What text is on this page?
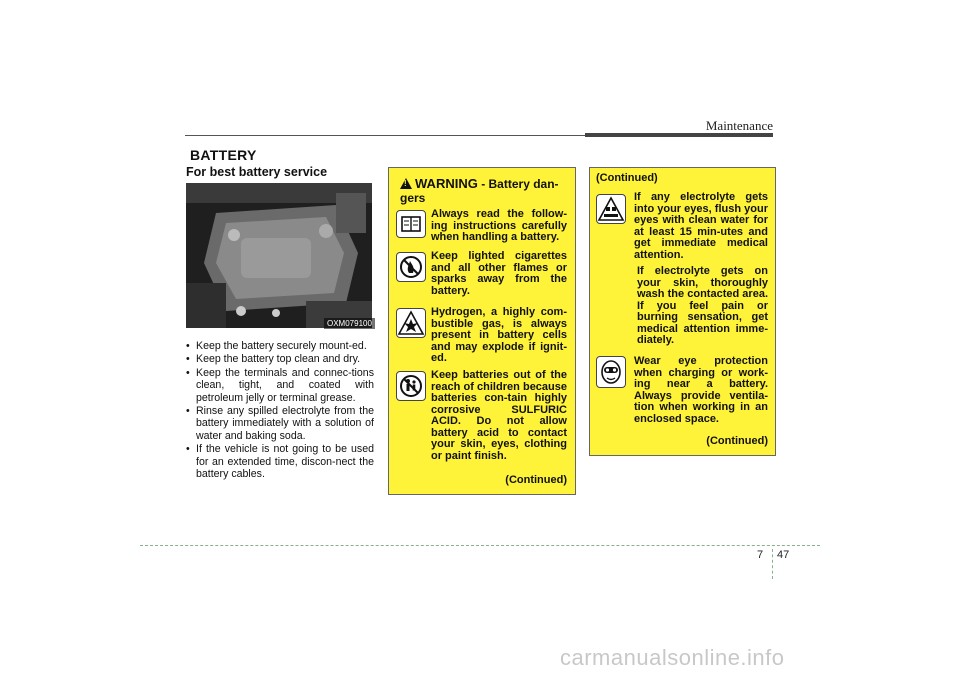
Maintenance
BATTERY
For best battery service
OXM079100
• Keep the battery securely mount-ed.
• Keep the battery top clean and dry.
• Keep the terminals and connec-tions clean, tight, and coated with petroleum jelly or terminal grease.
• Rinse any spilled electrolyte from the battery immediately with a solution of water and baking soda.
• If the vehicle is not going to be used for an extended time, discon-nect the battery cables.
!WARNING - Battery dan-gers
Always read the follow-ing instructions carefully when handling a battery.
Keep lighted cigarettes and all other flames or sparks away from the battery.
Hydrogen, a highly com-bustible gas, is always present in battery cells and may explode if ignit-ed.
Keep batteries out of the reach of children because batteries con-tain highly corrosive SULFURIC ACID. Do not allow battery acid to contact your skin, eyes, clothing or paint finish.
(Continued)
(Continued)
If any electrolyte gets into your eyes, flush your eyes with clean water for at least 15 min-utes and get immediate medical attention.
If electrolyte gets on your skin, thoroughly wash the contacted area. If you feel pain or burning sensation, get medical attention imme-diately.
Wear eye protection when charging or work-ing near a battery. Always provide ventila-tion when working in an enclosed space.
(Continued)
7 47
carmanualsonline.info
